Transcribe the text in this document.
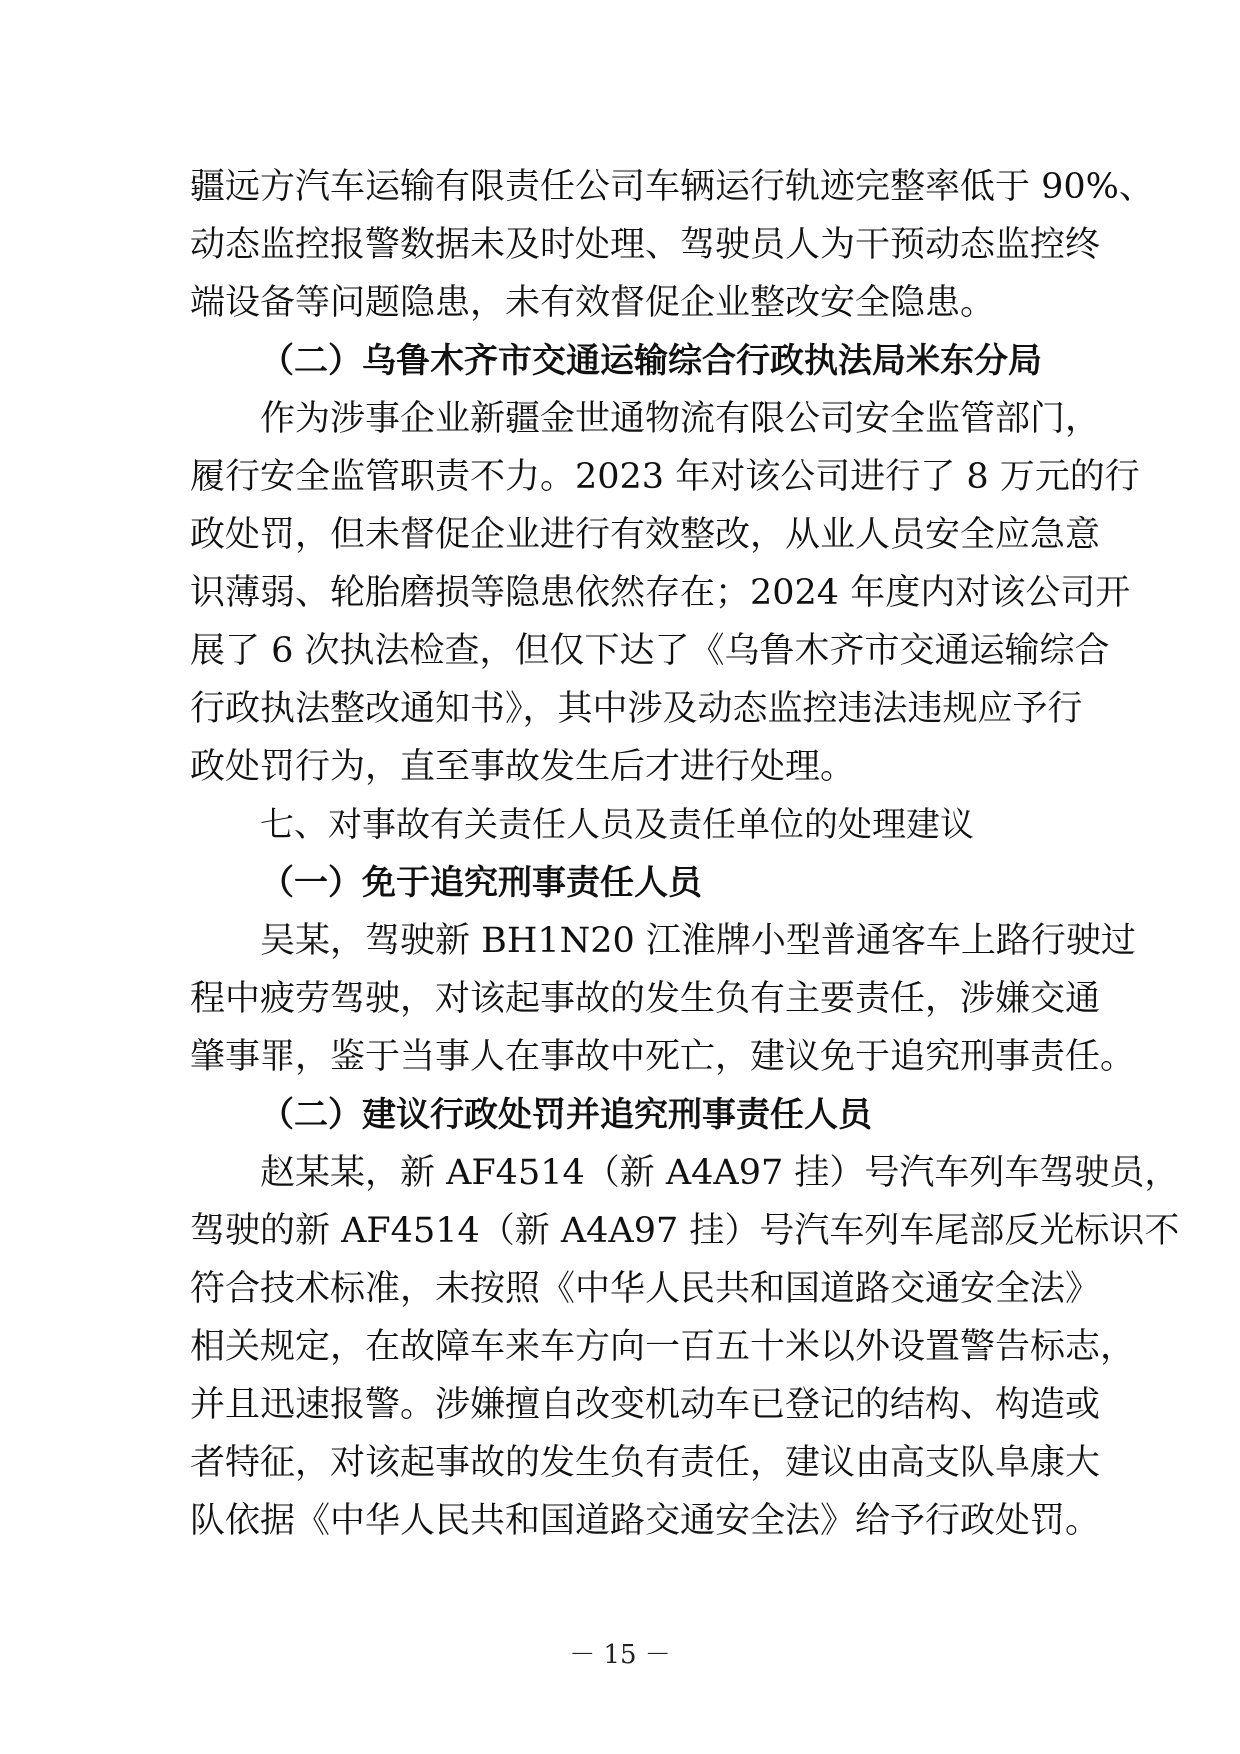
疆远方汽车运输有限责任公司车辆运行轨迹完整率低于 90%、
动态监控报警数据未及时处理、驾驶员人为干预动态监控终
端设备等问题隐患，未有效督促企业整改安全隐患。
（二）乌鲁木齐市交通运输综合行政执法局米东分局
作为涉事企业新疆金世通物流有限公司安全监管部门，
履行安全监管职责不力。2023 年对该公司进行了 8 万元的行
政处罚，但未督促企业进行有效整改，从业人员安全应急意
识薄弱、轮胎磨损等隐患依然存在；2024 年度内对该公司开
展了 6 次执法检查，但仅下达了《乌鲁木齐市交通运输综合
行政执法整改通知书》，其中涉及动态监控违法违规应予行
政处罚行为，直至事故发生后才进行处理。
七、对事故有关责任人员及责任单位的处理建议
（一）免于追究刑事责任人员
吴某，驾驶新 BH1N20 江淮牌小型普通客车上路行驶过
程中疲劳驾驶，对该起事故的发生负有主要责任，涉嫌交通
肇事罪，鉴于当事人在事故中死亡，建议免于追究刑事责任。
（二）建议行政处罚并追究刑事责任人员
赵某某，新 AF4514（新 A4A97 挂）号汽车列车驾驶员，
驾驶的新 AF4514（新 A4A97 挂）号汽车列车尾部反光标识不
符合技术标准，未按照《中华人民共和国道路交通安全法》
相关规定，在故障车来车方向一百五十米以外设置警告标志，
并且迅速报警。涉嫌擅自改变机动车已登记的结构、构造或
者特征，对该起事故的发生负有责任，建议由高支队阜康大
队依据《中华人民共和国道路交通安全法》给予行政处罚。
－ 15 －
